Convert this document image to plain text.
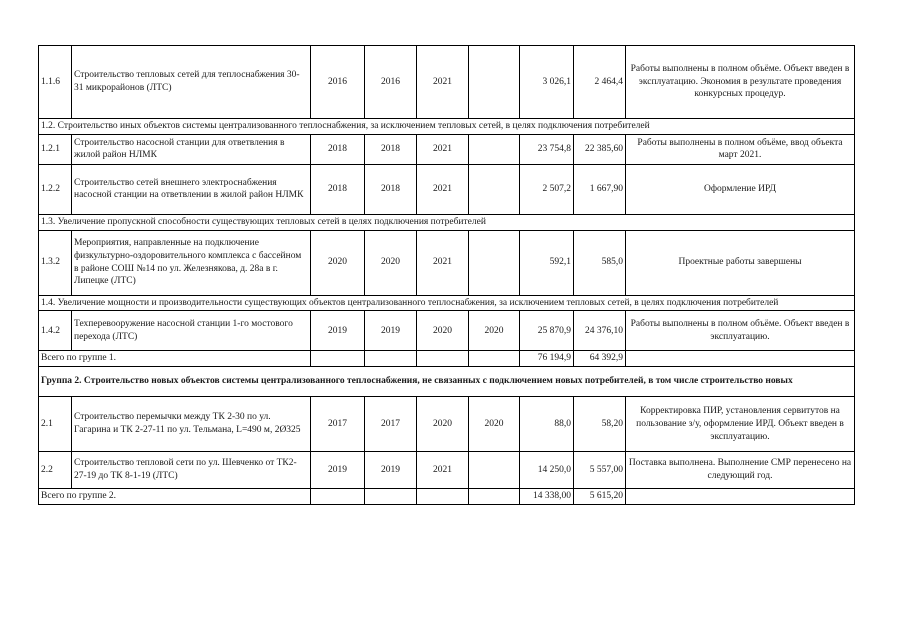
1.1.6	Строительство тепловых сетей для теплоснабжения 30-31 микрорайонов (ЛТС)	2016	2016	2021		3 026,1	2 464,4	Работы выполнены в полном объёме. Объект введен в эксплуатацию. Экономия в результате проведения конкурсных процедур.
1.2. Строительство иных объектов системы централизованного теплоснабжения, за исключением тепловых сетей, в целях подключения потребителей								
1.2.1	Строительство насосной станции для ответвления в жилой район НЛМК	2018	2018	2021		23 754,8	22 385,60	Работы выполнены в полном объёме, ввод объекта март 2021.
1.2.2	Строительство сетей внешнего электроснабжения насосной станции на ответвлении в жилой район НЛМК	2018	2018	2021		2 507,2	1 667,90	Оформление ИРД
1.3. Увеличение пропускной способности существующих тепловых сетей в целях подключения потребителей								
1.3.2	Мероприятия, направленные на подключение физкультурно-оздоровительного комплекса с бассейном в районе СОШ №14 по ул. Железнякова, д. 28а в г. Липецке (ЛТС)	2020	2020	2021		592,1	585,0	Проектные работы завершены
1.4. Увеличение мощности и производительности существующих объектов централизованного теплоснабжения, за исключением тепловых сетей, в целях подключения потребителей								
1.4.2	Техперевооружение насосной станции 1-го мостового перехода (ЛТС)	2019	2019	2020	2020	25 870,9	24 376,10	Работы выполнены в полном объёме. Объект введен в эксплуатацию.
Всего по группе 1.						76 194,9	64 392,9	
Группа 2. Строительство новых объектов системы централизованного теплоснабжения, не связанных с подключением новых потребителей, в том числе строительство новых								
2.1	Строительство перемычки между ТК 2-30 по ул. Гагарина и ТК 2-27-11 по ул. Тельмана, L=490 м, 2Ø325	2017	2017	2020	2020	88,0	58,20	Корректировка ПИР, установления сервитутов на пользование з/у, оформление ИРД. Объект введен в эксплуатацию.
2.2	Строительство тепловой сети по ул. Шевченко от ТК2-27-19 до ТК 8-1-19 (ЛТС)	2019	2019	2021		14 250,0	5 557,00	Поставка выполнена. Выполнение СМР перенесено на следующий год.
Всего по группе 2.						14 338,00	5 615,20	
